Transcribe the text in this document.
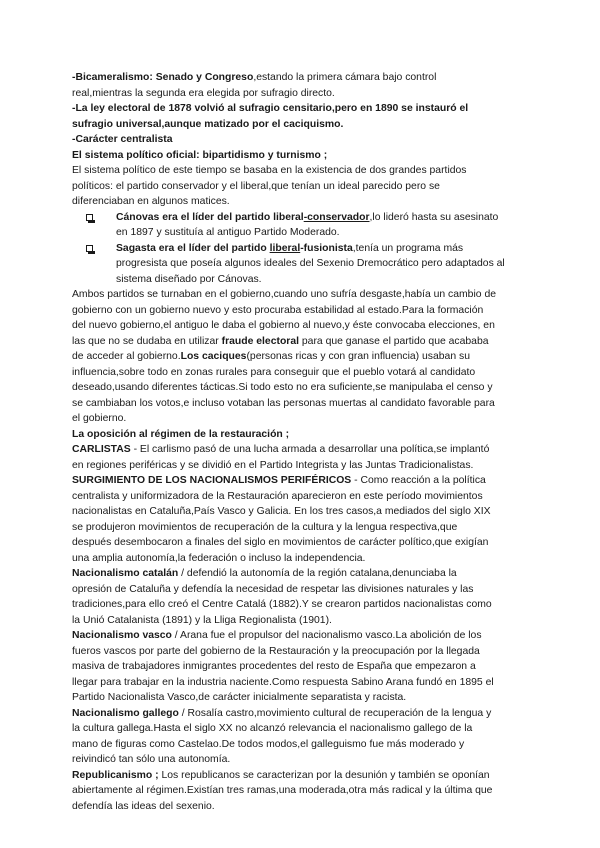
-Bicameralismo: Senado y Congreso,estando la primera cámara bajo control
real,mientras la segunda era elegida por sufragio directo.
-La ley electoral de 1878 volvió al sufragio censitario,pero en 1890 se instauró el
sufragio universal,aunque matizado por el caciquismo.
-Carácter centralista
El sistema político oficial: bipartidismo y turnismo ;
El sistema político de este tiempo se basaba en la existencia de dos grandes partidos
políticos: el partido conservador y el liberal,que tenían un ideal parecido pero se
diferenciaban en algunos matices.
Cánovas era el líder del partido liberal-conservador,lo lideró hasta su asesinato
en 1897 y sustituía al antiguo Partido Moderado.
Sagasta era el líder del partido liberal-fusionista,tenía un programa más
progresista que poseía algunos ideales del Sexenio Dremocrático pero adaptados al
sistema diseñado por Cánovas.
Ambos partidos se turnaban en el gobierno,cuando uno sufría desgaste,había un cambio de
gobierno con un gobierno nuevo y esto procuraba estabilidad al estado.Para la formación
del nuevo gobierno,el antiguo le daba el gobierno al nuevo,y éste convocaba elecciones, en
las que no se dudaba en utilizar fraude electoral para que ganase el partido que acababa
de acceder al gobierno.Los caciques(personas ricas y con gran influencia) usaban su
influencia,sobre todo en zonas rurales para conseguir que el pueblo votará al candidato
deseado,usando diferentes tácticas.Si todo esto no era suficiente,se manipulaba el censo y
se cambiaban los votos,e incluso votaban las personas muertas al candidato favorable para
el gobierno.
La oposición al régimen de la restauración ;
CARLISTAS - El carlismo pasó de una lucha armada a desarrollar una política,se implantó
en regiones periféricas y se dividió en el Partido Integrista y las Juntas Tradicionalistas.
SURGIMIENTO DE LOS NACIONALISMOS PERIFÉRICOS - Como reacción a la política
centralista y uniformizadora de la Restauración aparecieron en este período movimientos
nacionalistas en Cataluña,País Vasco y Galicia. En los tres casos,a mediados del siglo XIX
se produjeron movimientos de recuperación de la cultura y la lengua respectiva,que
después desembocaron a finales del siglo en movimientos de carácter político,que exigían
una amplia autonomía,la federación o incluso la independencia.
Nacionalismo catalán / defendió la autonomía de la región catalana,denunciaba la
opresión de Cataluña y defendía la necesidad de respetar las divisiones naturales y las
tradiciones,para ello creó el Centre Catalá (1882).Y se crearon partidos nacionalistas como
la Unió Catalanista (1891) y la Lliga Regionalista (1901).
Nacionalismo vasco / Arana fue el propulsor del nacionalismo vasco.La abolición de los
fueros vascos por parte del gobierno de la Restauración y la preocupación por la llegada
masiva de trabajadores inmigrantes procedentes del resto de España que empezaron a
llegar para trabajar en la industria naciente.Como respuesta Sabino Arana fundó en 1895 el
Partido Nacionalista Vasco,de carácter inicialmente separatista y racista.
Nacionalismo gallego / Rosalía castro,movimiento cultural de recuperación de la lengua y
la cultura gallega.Hasta el siglo XX no alcanzó relevancia el nacionalismo gallego de la
mano de figuras como Castelao.De todos modos,el galleguismo fue más moderado y
reivindicó tan sólo una autonomía.
Republicanismo ; Los republicanos se caracterizan por la desunión y también se oponían
abiertamente al régimen.Existían tres ramas,una moderada,otra más radical y la última que
defendía las ideas del sexenio.
